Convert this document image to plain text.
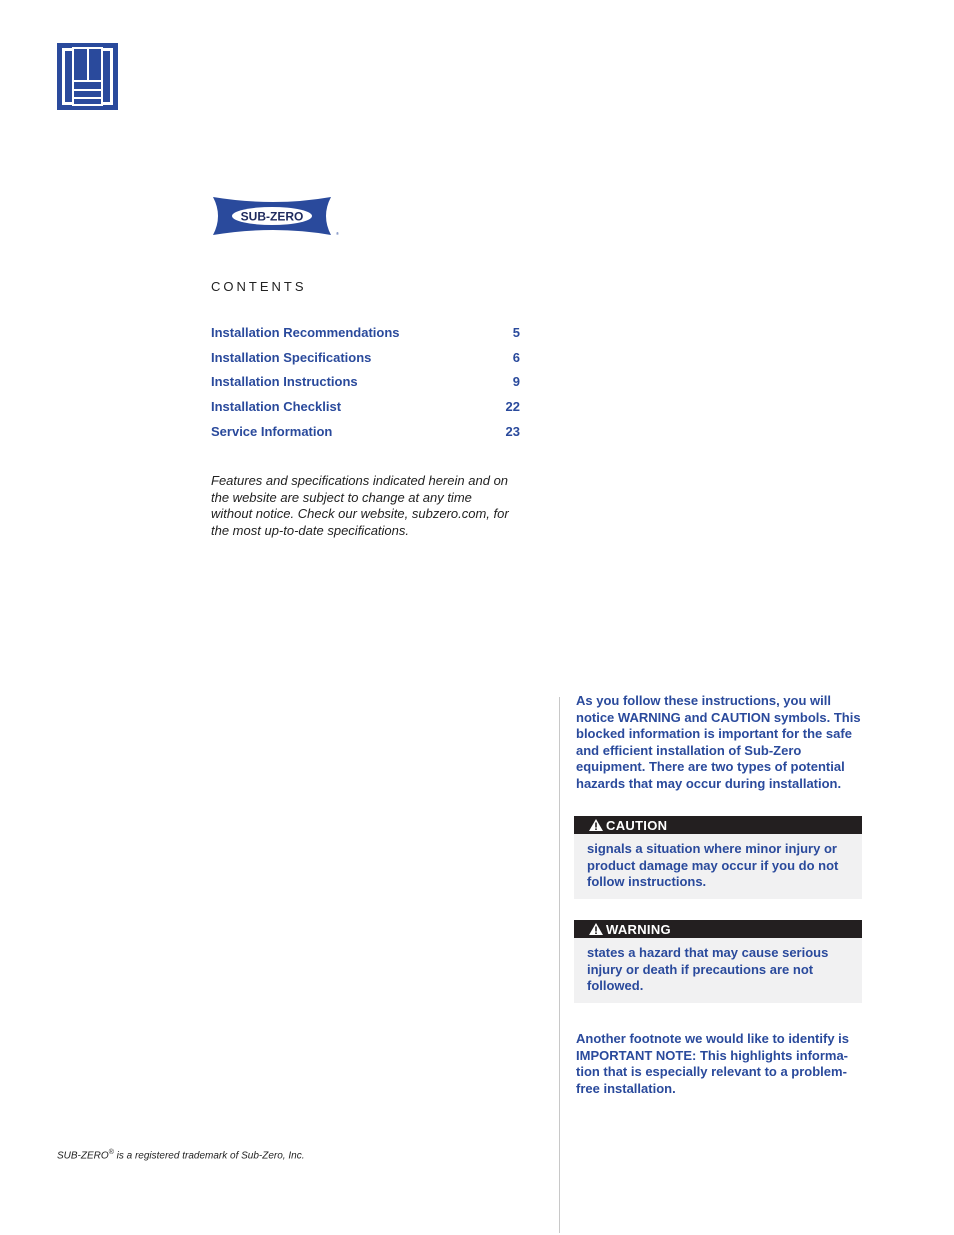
SUB-ZERO
®
CONTENTS
Installation Recommendations	5
Installation Specifications	6
Installation Instructions	9
Installation Checklist	22
Service Information	23

Features and specifications indicated herein and on the website are subject to change at any time without notice. Check our website, subzero.com, for the most up-to-date specifications.

As you follow these instructions, you will notice WARNING and CAUTION symbols. This blocked information is important for the safe and efficient installation of Sub-Zero equipment. There are two types of potential hazards that may occur during installation.

CAUTION

signals a situation where minor injury or product damage may occur if you do not follow instructions.

WARNING

states a hazard that may cause serious injury or death if precautions are not followed.

Another footnote we would like to identify is IMPORTANT NOTE: This highlights informa-tion that is especially relevant to a problem-free installation.

SUB-ZERO® is a registered trademark of Sub-Zero, Inc.
